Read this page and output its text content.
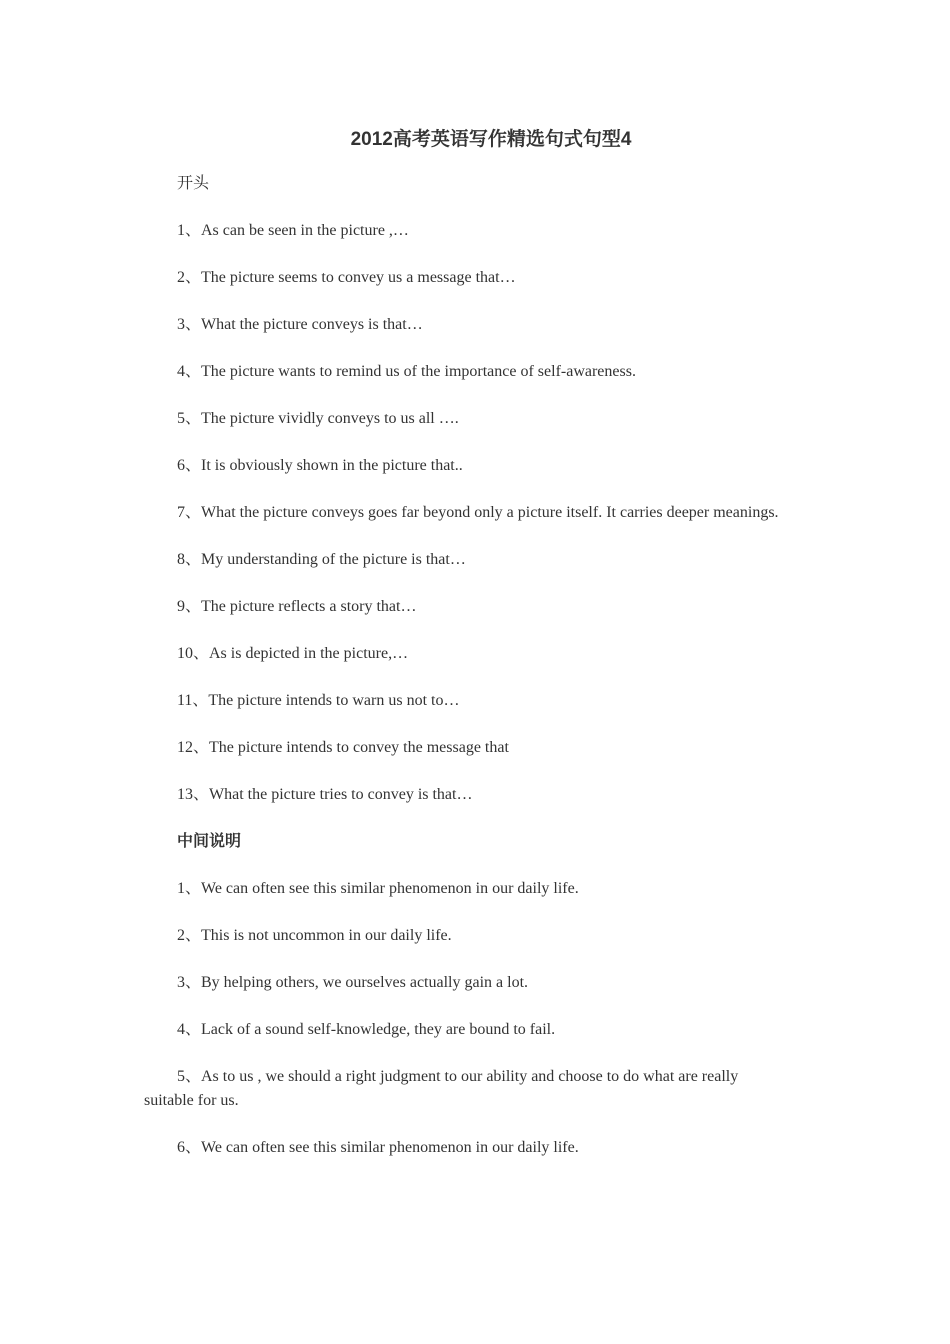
2012高考英语写作精选句式句型4

开头

1、As can be seen in the picture ,…

2、The picture seems to convey us a message that…

3、What the picture conveys is that…

4、The picture wants to remind us of the importance of self-awareness.

5、The picture vividly conveys to us all ….

6、It is obviously shown in the picture that..

7、What the picture conveys goes far beyond only a picture itself. It carries deeper meanings.

8、My understanding of the picture is that…

9、The picture reflects a story that…

10、As is depicted in the picture,…

11、The picture intends to warn us not to…

12、The picture intends to convey the message that

13、What the picture tries to convey is that…

中间说明

1、We can often see this similar phenomenon in our daily life.

2、This is not uncommon in our daily life.

3、By helping others, we ourselves actually gain a lot.

4、Lack of a sound self-knowledge, they are bound to fail.

5、As to us , we should a right judgment to our ability and choose to do what are really suitable for us.

6、We can often see this similar phenomenon in our daily life.
